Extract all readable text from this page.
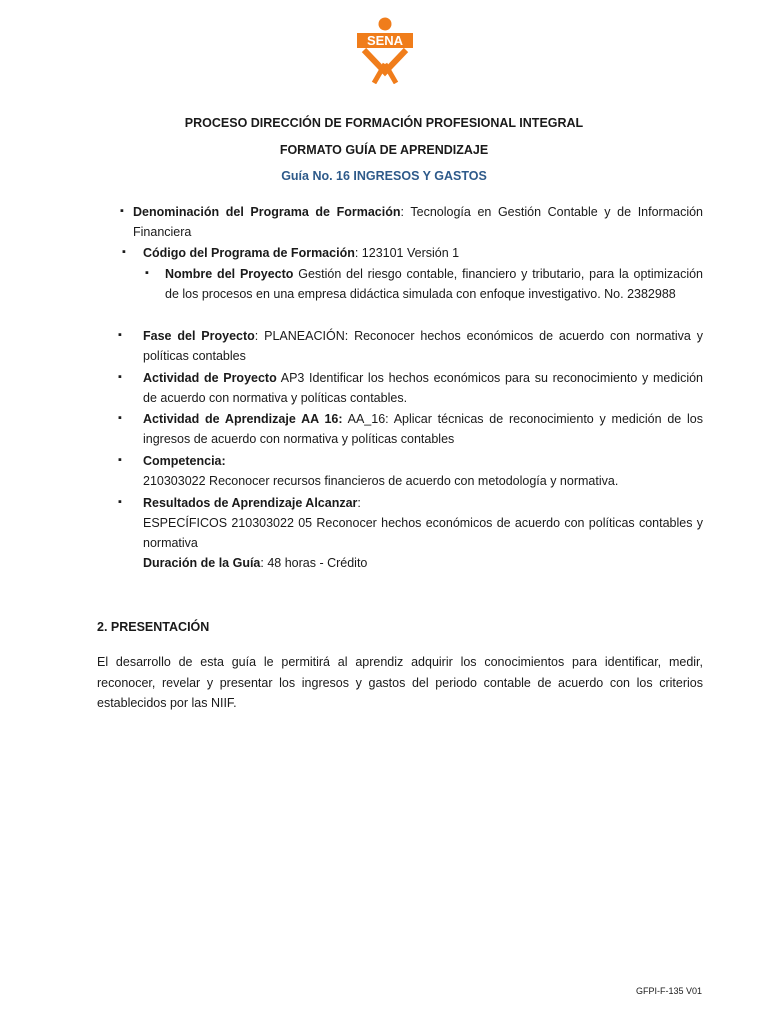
SENA
PROCESO DIRECCIÓN DE FORMACIÓN PROFESIONAL INTEGRAL
FORMATO GUÍA DE APRENDIZAJE
Guía No. 16 INGRESOS Y GASTOS
▪
Denominación del Programa de Formación: Tecnología en Gestión Contable y de Información Financiera
▪
Código del Programa de Formación: 123101 Versión 1
▪
Nombre del Proyecto Gestión del riesgo contable, financiero y tributario, para la optimización de los procesos en una empresa didáctica simulada con enfoque investigativo. No. 2382988
▪
Fase del Proyecto: PLANEACIÓN: Reconocer hechos económicos de acuerdo con normativa y políticas contables
▪
Actividad de Proyecto AP3 Identificar los hechos económicos para su reconocimiento y medición de acuerdo con normativa y políticas contables.
▪
Actividad de Aprendizaje AA 16: AA_16: Aplicar técnicas de reconocimiento y medición de los ingresos de acuerdo con normativa y políticas contables
▪
Competencia:
210303022 Reconocer recursos financieros de acuerdo con metodología y normativa.
▪
Resultados de Aprendizaje Alcanzar:
ESPECÍFICOS 210303022 05 Reconocer hechos económicos de acuerdo con políticas contables y normativa
Duración de la Guía: 48 horas - Crédito
2. PRESENTACIÓN
El desarrollo de esta guía le permitirá al aprendiz adquirir los conocimientos para identificar, medir, reconocer, revelar y presentar los ingresos y gastos del periodo contable de acuerdo con los criterios establecidos por las NIIF.
GFPI-F-135 V01
